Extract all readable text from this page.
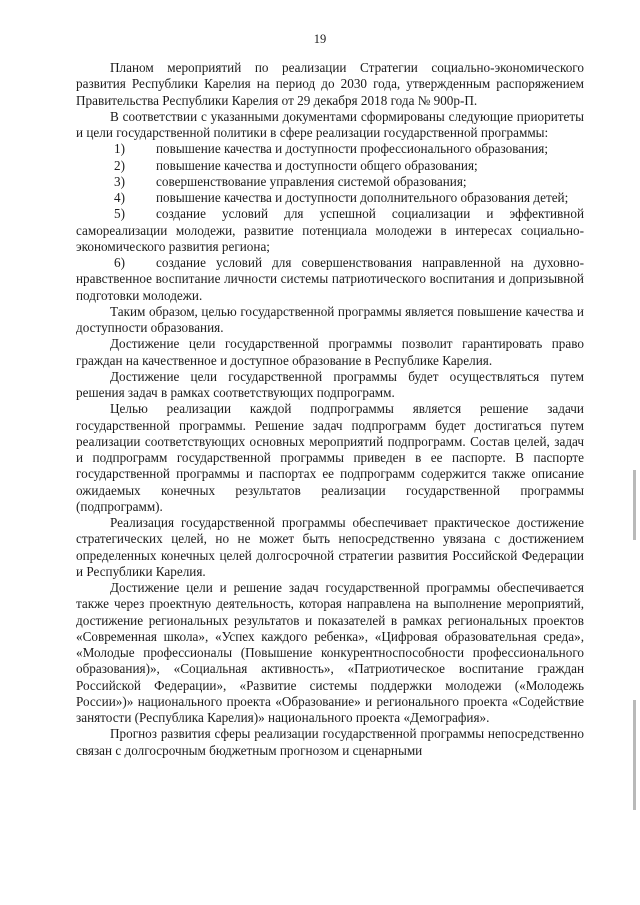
19

Планом мероприятий по реализации Стратегии социально-экономического развития Республики Карелия на период до 2030 года, утвержденным распоряжением Правительства Республики Карелия от 29 декабря 2018 года № 900р-П.

В соответствии с указанными документами сформированы следующие приоритеты и цели государственной политики в сфере реализации государственной программы:

1) повышение качества и доступности профессионального образования;

2) повышение качества и доступности общего образования;

3) совершенствование управления системой образования;

4) повышение качества и доступности дополнительного образования детей;

5) создание условий для успешной социализации и эффективной самореализации молодежи, развитие потенциала молодежи в интересах социально-экономического развития региона;

6) создание условий для совершенствования направленной на духовно-нравственное воспитание личности системы патриотического воспитания и допризывной подготовки молодежи.

Таким образом, целью государственной программы является повышение качества и доступности образования.

Достижение цели государственной программы позволит гарантировать право граждан на качественное и доступное образование в Республике Карелия.

Достижение цели государственной программы будет осуществляться путем решения задач в рамках соответствующих подпрограмм.

Целью реализации каждой подпрограммы является решение задачи государственной программы. Решение задач подпрограмм будет достигаться путем реализации соответствующих основных мероприятий подпрограмм. Состав целей, задач и подпрограмм государственной программы приведен в ее паспорте. В паспорте государственной программы и паспортах ее подпрограмм содержится также описание ожидаемых конечных результатов реализации государственной программы (подпрограмм).

Реализация государственной программы обеспечивает практическое достижение стратегических целей, но не может быть непосредственно увязана с достижением определенных конечных целей долгосрочной стратегии развития Российской Федерации и Республики Карелия.

Достижение цели и решение задач государственной программы обеспечивается также через проектную деятельность, которая направлена на выполнение мероприятий, достижение региональных результатов и показателей в рамках региональных проектов «Современная школа», «Успех каждого ребенка», «Цифровая образовательная среда», «Молодые профессионалы (Повышение конкурентноспособности профессионального образования)», «Социальная активность», «Патриотическое воспитание граждан Российской Федерации», «Развитие системы поддержки молодежи («Молодежь России»)» национального проекта «Образование» и регионального проекта «Содействие занятости (Республика Карелия)» национального проекта «Демография».

Прогноз развития сферы реализации государственной программы непосредственно связан с долгосрочным бюджетным прогнозом и сценарными
